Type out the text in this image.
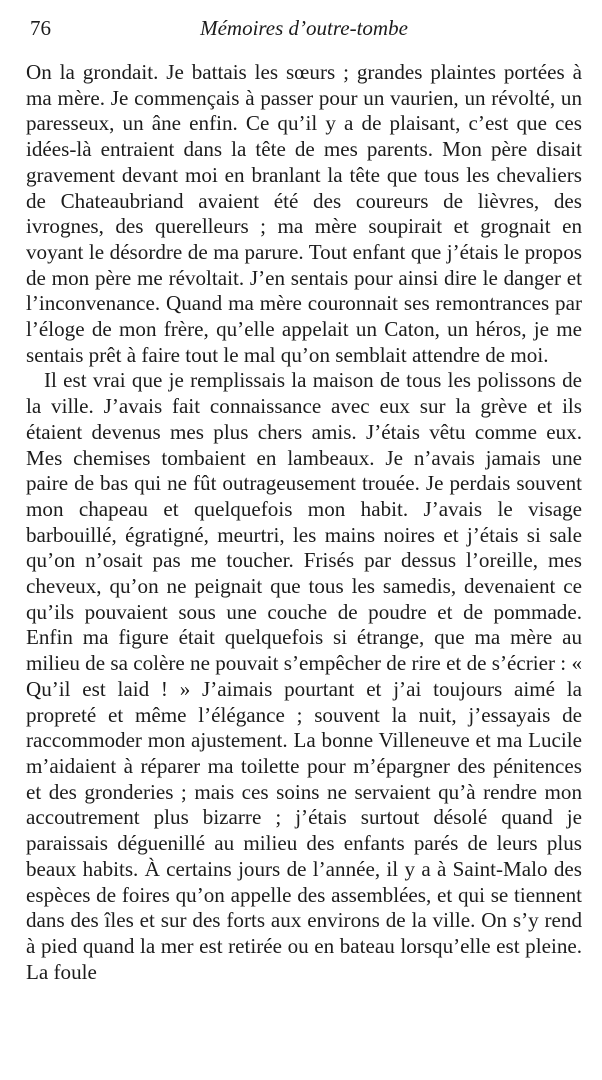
76	Mémoires d’outre-tombe

On la grondait. Je battais les sœurs ; grandes plaintes portées à ma mère. Je commençais à passer pour un vaurien, un révolté, un paresseux, un âne enfin. Ce qu’il y a de plaisant, c’est que ces idées-là entraient dans la tête de mes parents. Mon père disait gravement devant moi en branlant la tête que tous les chevaliers de Chateaubriand avaient été des coureurs de lièvres, des ivrognes, des querelleurs ; ma mère soupirait et grognait en voyant le désordre de ma parure. Tout enfant que j’étais le propos de mon père me révoltait. J’en sentais pour ainsi dire le danger et l’inconvenance. Quand ma mère couronnait ses remontrances par l’éloge de mon frère, qu’elle appelait un Caton, un héros, je me sentais prêt à faire tout le mal qu’on semblait attendre de moi.

Il est vrai que je remplissais la maison de tous les polissons de la ville. J’avais fait connaissance avec eux sur la grève et ils étaient devenus mes plus chers amis. J’étais vêtu comme eux. Mes chemises tombaient en lambeaux. Je n’avais jamais une paire de bas qui ne fût outrageusement trouée. Je perdais souvent mon chapeau et quelquefois mon habit. J’avais le visage barbouillé, égratigné, meurtri, les mains noires et j’étais si sale qu’on n’osait pas me toucher. Frisés par dessus l’oreille, mes cheveux, qu’on ne peignait que tous les samedis, devenaient ce qu’ils pouvaient sous une couche de poudre et de pommade. Enfin ma figure était quelquefois si étrange, que ma mère au milieu de sa colère ne pouvait s’empêcher de rire et de s’écrier : « Qu’il est laid ! » J’aimais pourtant et j’ai toujours aimé la propreté et même l’élégance ; souvent la nuit, j’essayais de raccommoder mon ajustement. La bonne Villeneuve et ma Lucile m’aidaient à réparer ma toilette pour m’épargner des pénitences et des gronderies ; mais ces soins ne servaient qu’à rendre mon accoutrement plus bizarre ; j’étais surtout désolé quand je paraissais déguenillé au milieu des enfants parés de leurs plus beaux habits. À certains jours de l’année, il y a à Saint-Malo des espèces de foires qu’on appelle des assemblées, et qui se tiennent dans des îles et sur des forts aux environs de la ville. On s’y rend à pied quand la mer est retirée ou en bateau lorsqu’elle est pleine. La foule
